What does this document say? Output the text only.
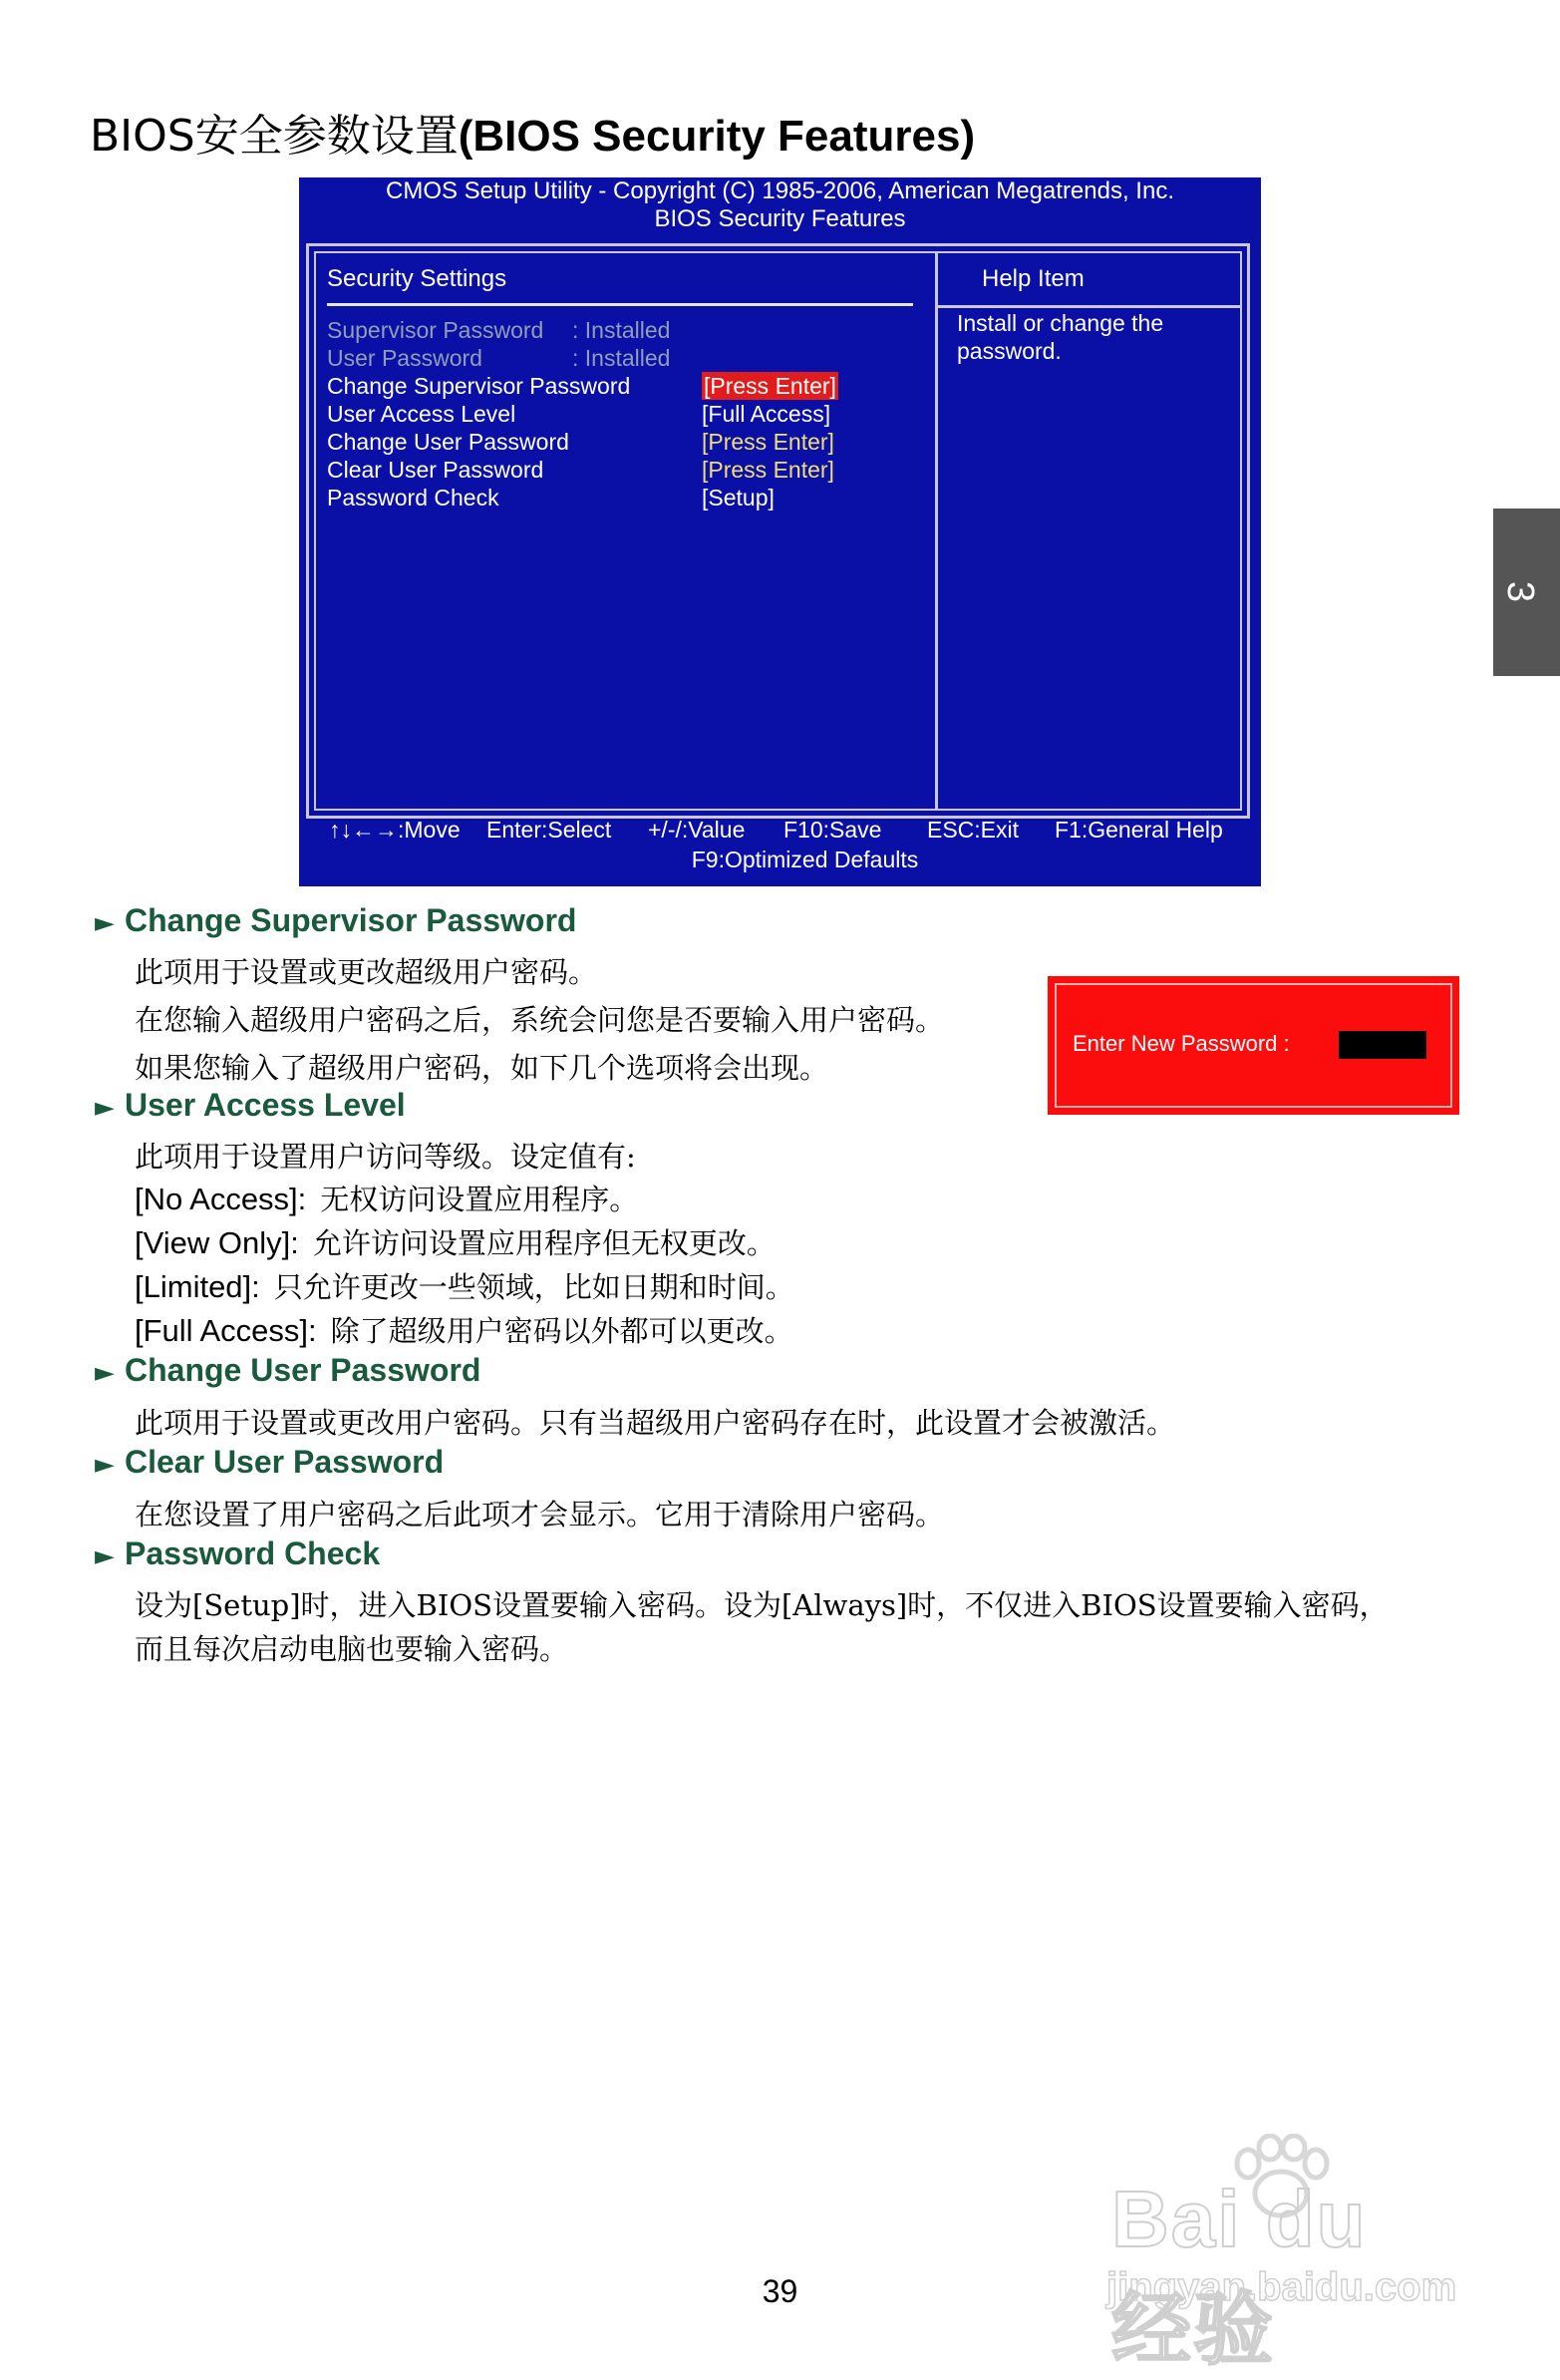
BIOS安全参数设置(BIOS Security Features)
CMOS Setup Utility - Copyright (C) 1985-2006, American Megatrends, Inc.
BIOS Security Features
Security Settings	Help Item
Install or change the password.
Supervisor Password : Installed
User Password	: Installed
Change Supervisor Password	[Press Enter]
User Access Level	[Full Access]
Change User Password	[Press Enter]
Clear User Password	[Press Enter]
Password Check	[Setup]
↑↓←→:Move Enter:Select +/-/:Value F10:Save ESC:Exit F1:General Help
F9:Optimized Defaults
3
► Change Supervisor Password
此项用于设置或更改超级用户密码。
在您输入超级用户密码之后，系统会问您是否要输入用户密码。
如果您输入了超级用户密码，如下几个选项将会出现。
Enter New Password :
► User Access Level
此项用于设置用户访问等级。设定值有:
[No Access]: 无权访问设置应用程序。
[View Only]: 允许访问设置应用程序但无权更改。
[Limited]: 只允许更改一些领域，比如日期和时间。
[Full Access]: 除了超级用户密码以外都可以更改。
► Change User Password
此项用于设置或更改用户密码。只有当超级用户密码存在时，此设置才会被激活。
► Clear User Password
在您设置了用户密码之后此项才会显示。它用于清除用户密码。
► Password Check
设为[Setup]时，进入BIOS设置要输入密码。设为[Always]时，不仅进入BIOS设置要输入密码，
而且每次启动电脑也要输入密码。
Bai du 经验
jingyan.baidu.com
39
